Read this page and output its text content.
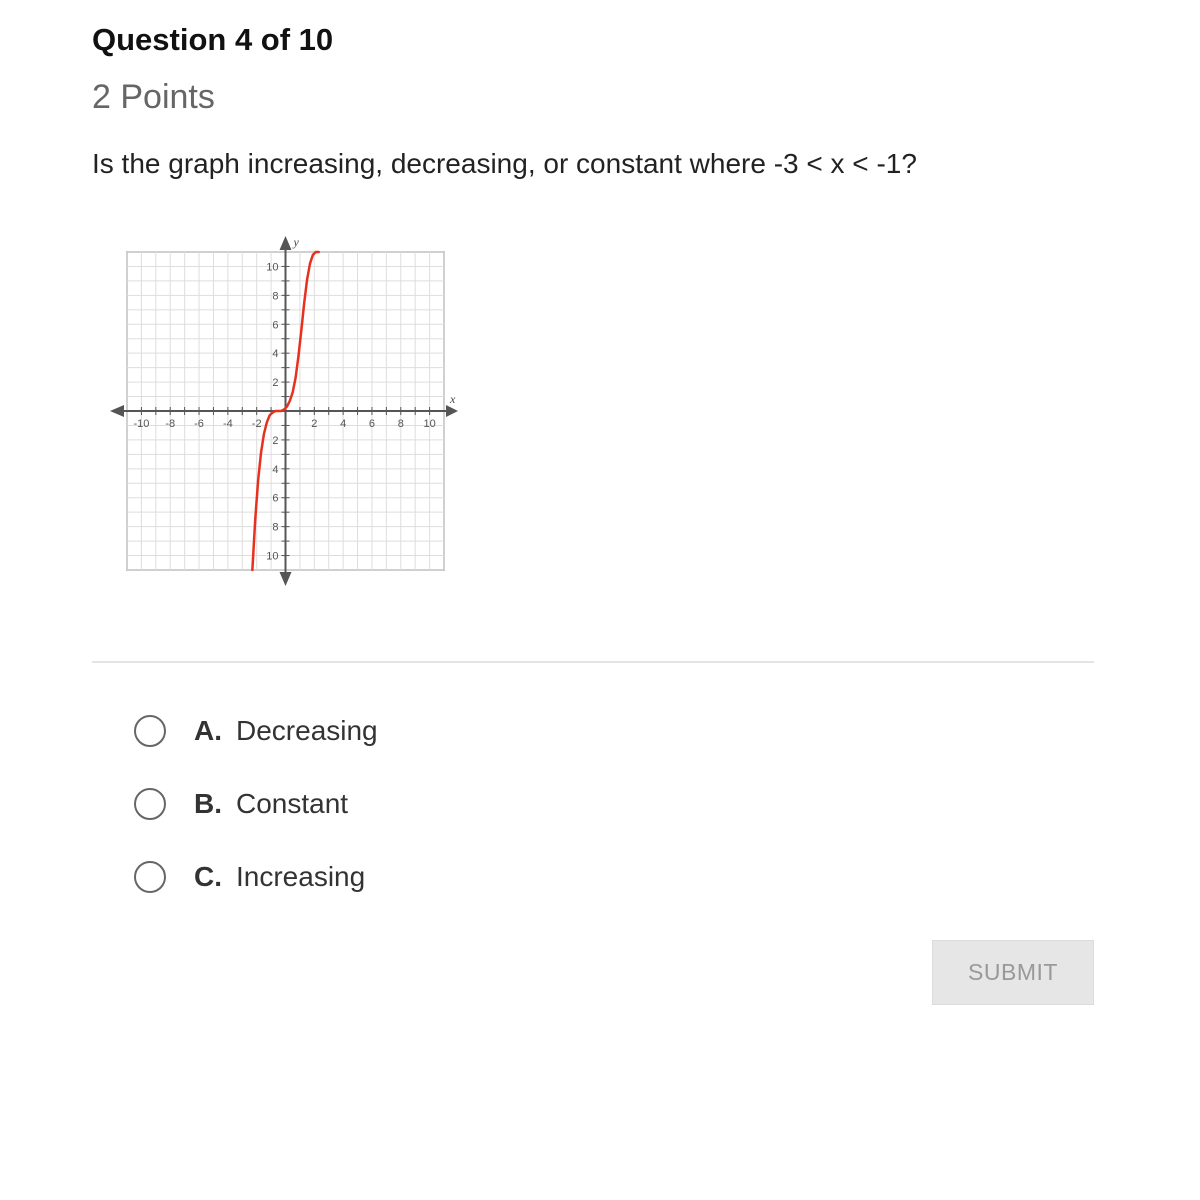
Question 4 of 10
2 Points
Is the graph increasing, decreasing, or constant where -3 < x < -1?
-10 -8 -6 -4 -2	2 4 6 8 10
10
8
6
4
2
2
4
6
8
10
x
y
A. Decreasing
B. Constant
C. Increasing
SUBMIT
